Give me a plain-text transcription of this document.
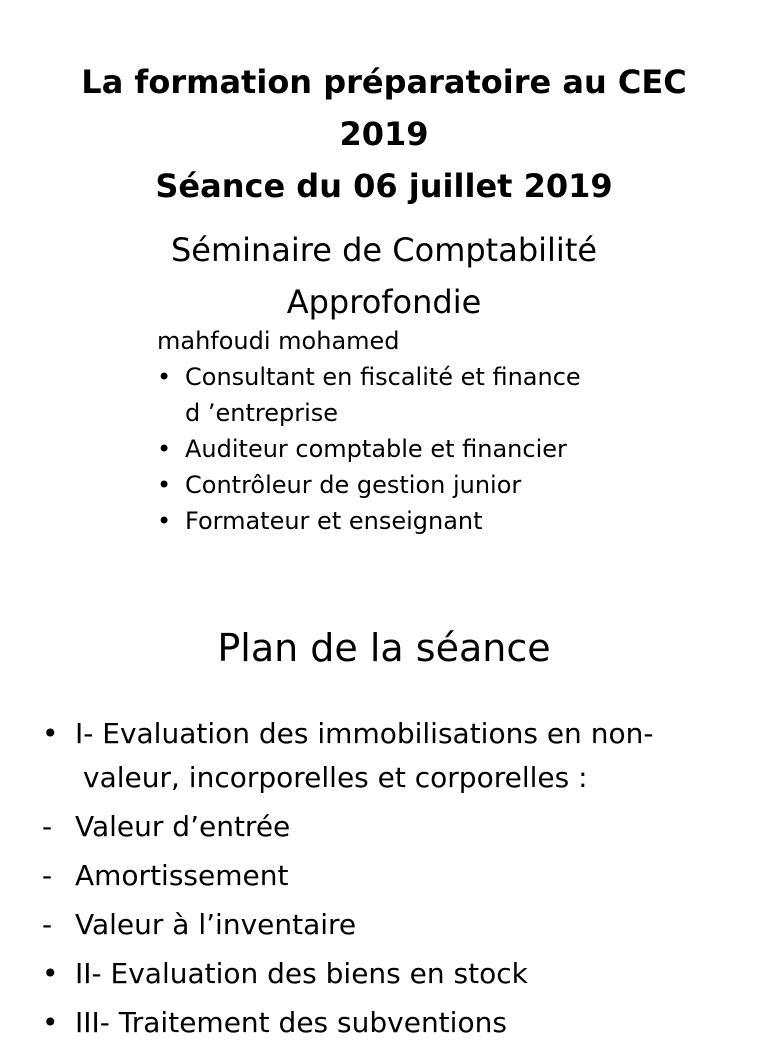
La formation préparatoire au CEC
2019
Séance du 06 juillet 2019
Séminaire de Comptabilité
Approfondie
mahfoudi mohamed
• Consultant en fiscalité et finance
d ’entreprise
• Auditeur comptable et financier
• Contrôleur de gestion junior
• Formateur et enseignant
Plan de la séance
• I- Evaluation des immobilisations en non-
valeur, incorporelles et corporelles :
- Valeur d’entrée
- Amortissement
- Valeur à l’inventaire
• II- Evaluation des biens en stock
• III- Traitement des subventions
